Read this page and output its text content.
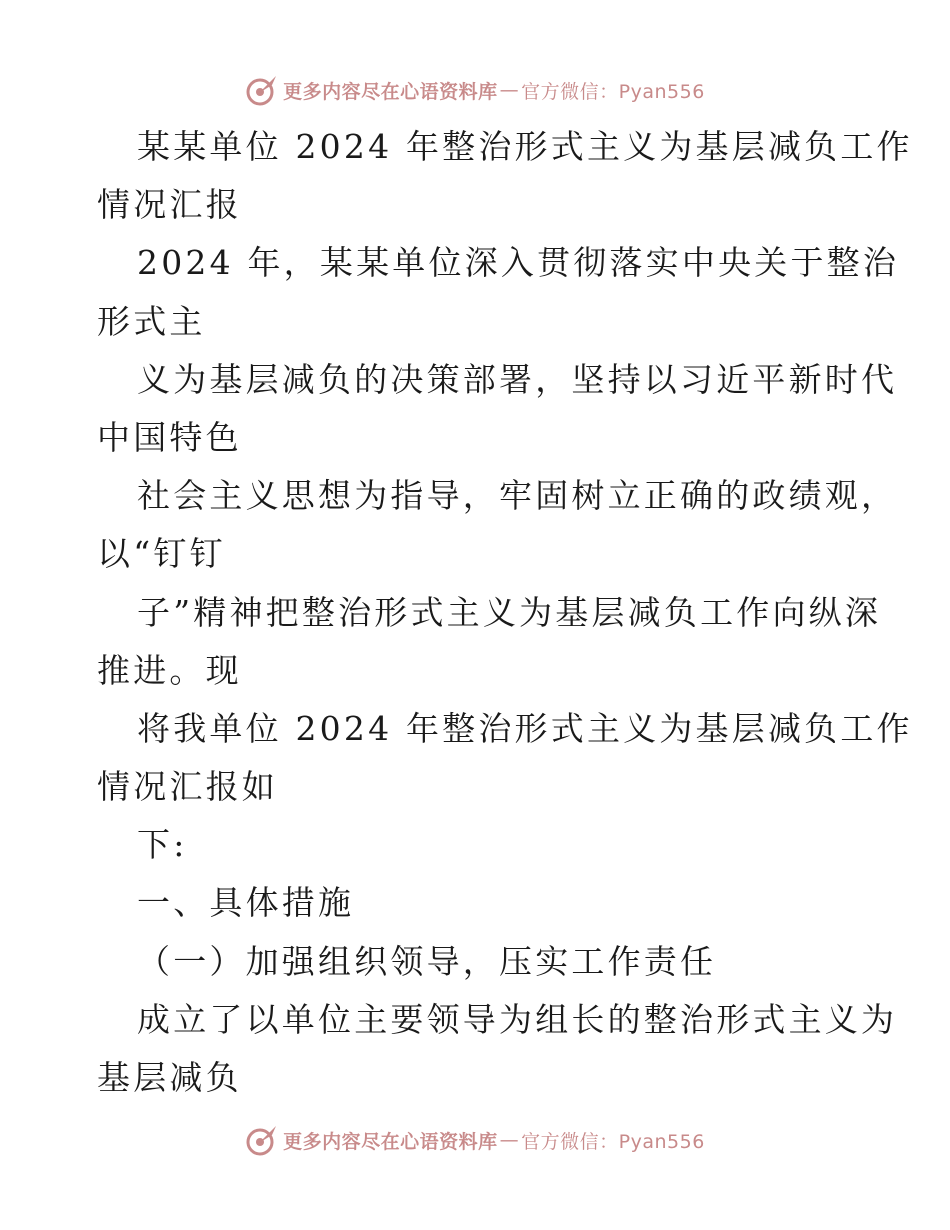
更多内容尽在心语资料库 — 官方微信：Pyan556
某某单位 2024 年整治形式主义为基层减负工作
情况汇报
2024 年，某某单位深入贯彻落实中央关于整治
形式主
义为基层减负的决策部署，坚持以习近平新时代
中国特色
社会主义思想为指导，牢固树立正确的政绩观，
以“钉钉
子”精神把整治形式主义为基层减负工作向纵深
推进。现
将我单位 2024 年整治形式主义为基层减负工作
情况汇报如
下:
一、具体措施
（一）加强组织领导，压实工作责任
成立了以单位主要领导为组长的整治形式主义为
基层减负
更多内容尽在心语资料库 — 官方微信：Pyan556
